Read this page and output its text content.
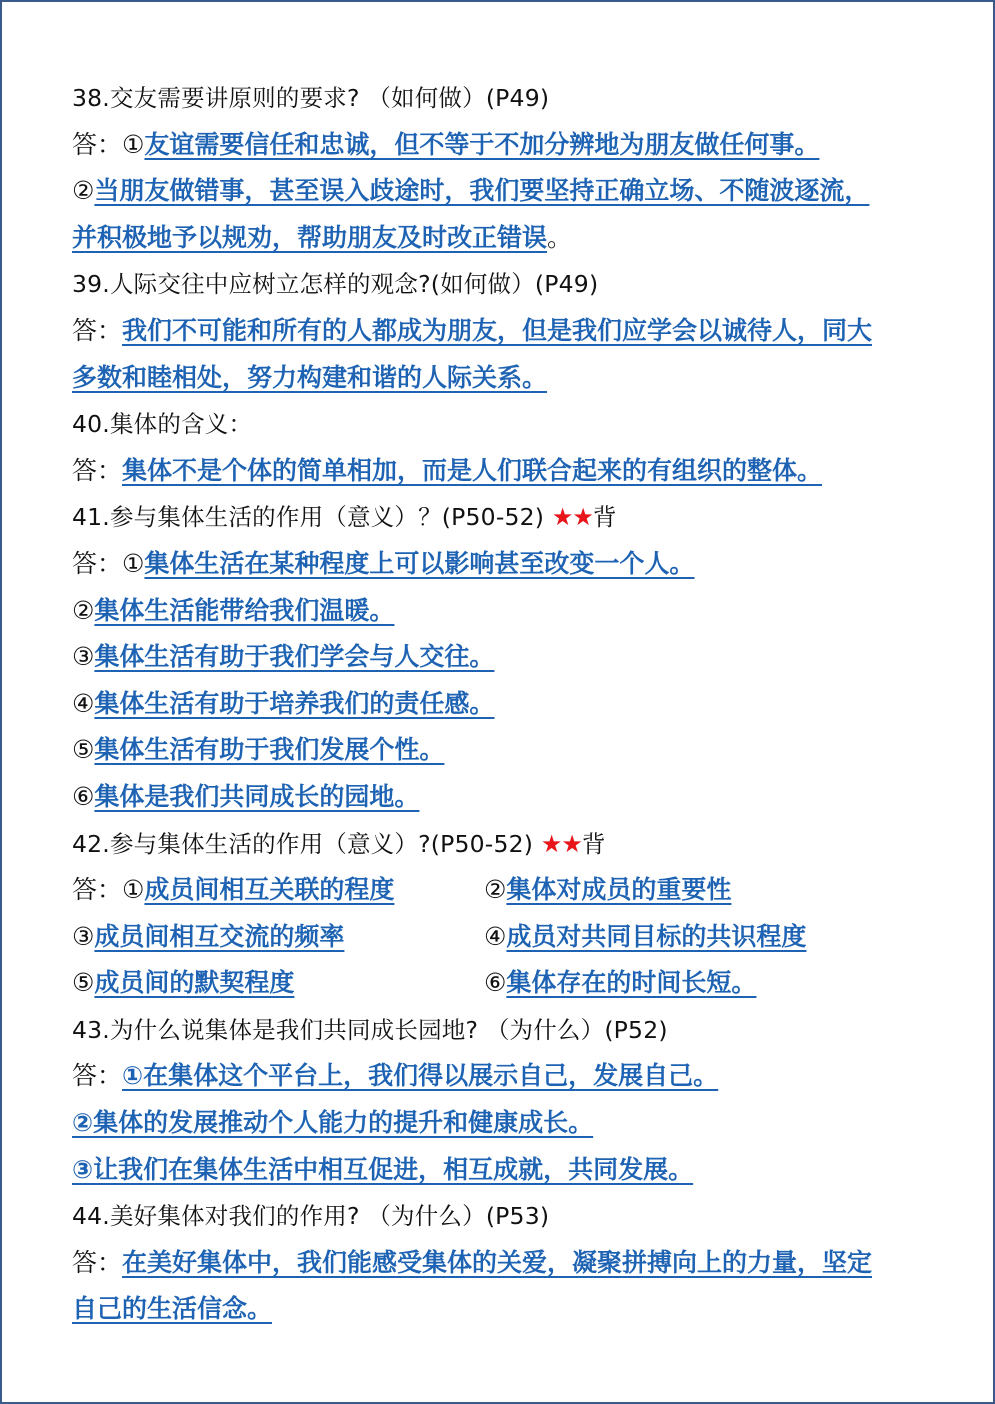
38.交友需要讲原则的要求? （如何做）(P49)
答：①友谊需要信任和忠诚，但不等于不加分辨地为朋友做任何事。
②当朋友做错事，甚至误入歧途时，我们要坚持正确立场、不随波逐流，
并积极地予以规劝，帮助朋友及时改正错误。
39.人际交往中应树立怎样的观念?(如何做）(P49)
答：我们不可能和所有的人都成为朋友，但是我们应学会以诚待人，同大
多数和睦相处，努力构建和谐的人际关系。
40.集体的含义：
答：集体不是个体的简单相加，而是人们联合起来的有组织的整体。
41.参与集体生活的作用（意义）？(P50-52) ★★背
答：①集体生活在某种程度上可以影响甚至改变一个人。
②集体生活能带给我们温暖。
③集体生活有助于我们学会与人交往。
④集体生活有助于培养我们的责任感。
⑤集体生活有助于我们发展个性。
⑥集体是我们共同成长的园地。
42.参与集体生活的作用（意义）?(P50-52) ★★背
答：①成员间相互关联的程度	②集体对成员的重要性
③成员间相互交流的频率	④成员对共同目标的共识程度
⑤成员间的默契程度	⑥集体存在的时间长短。
43.为什么说集体是我们共同成长园地? （为什么）(P52)
答：①在集体这个平台上，我们得以展示自己，发展自己。
②集体的发展推动个人能力的提升和健康成长。
③让我们在集体生活中相互促进，相互成就，共同发展。
44.美好集体对我们的作用? （为什么）(P53)
答：在美好集体中，我们能感受集体的关爱，凝聚拼搏向上的力量，坚定
自己的生活信念。
